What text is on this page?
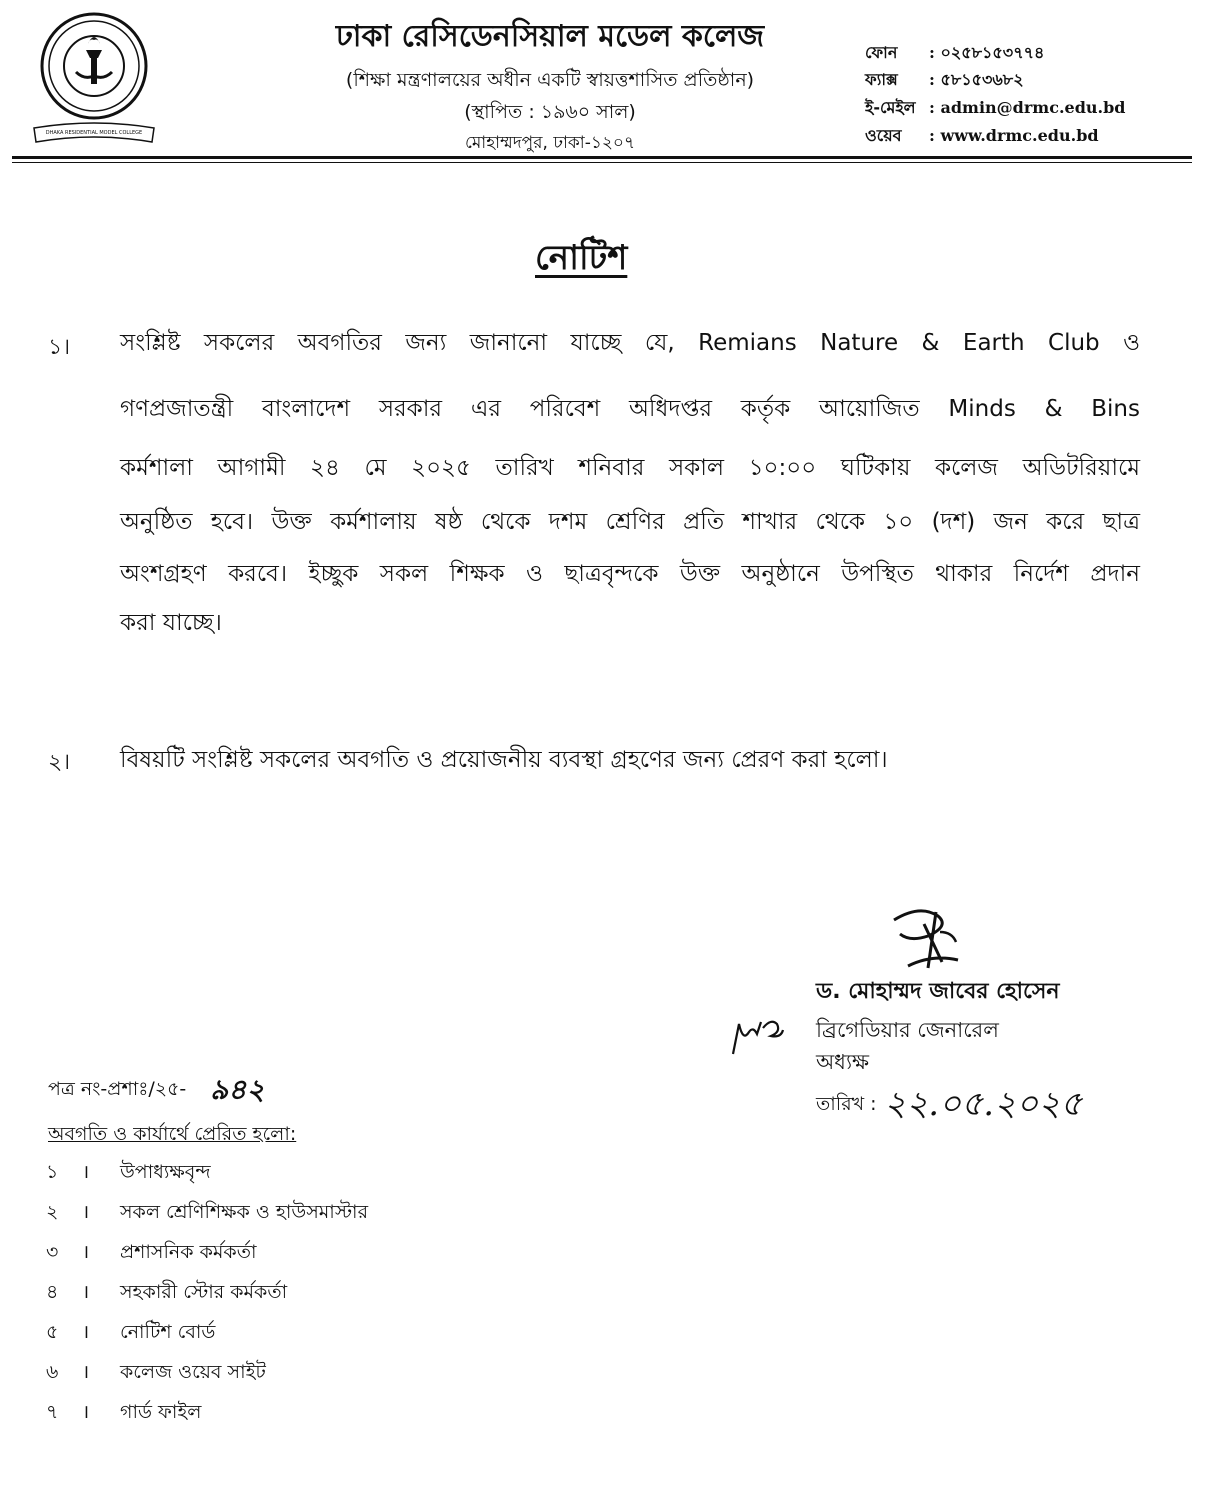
DHAKA RESIDENTIAL MODEL COLLEGE
ঢাকা রেসিডেনসিয়াল মডেল কলেজ
(শিক্ষা মন্ত্রণালয়ের অধীন একটি স্বায়ত্তশাসিত প্রতিষ্ঠান)
(স্থাপিত : ১৯৬০ সাল)
মোহাম্মদপুর, ঢাকা-১২০৭
ফোন : ০২৫৮১৫৩৭৭৪
ফ্যাক্স : ৫৮১৫৩৬৮২
ই-মেইল : admin@drmc.edu.bd
ওয়েব : www.drmc.edu.bd
নোটিশ
১। সংশ্লিষ্ট সকলের অবগতির জন্য জানানো যাচ্ছে যে, Remians Nature & Earth Club ও
গণপ্রজাতন্ত্রী বাংলাদেশ সরকার এর পরিবেশ অধিদপ্তর কর্তৃক আয়োজিত Minds & Bins
কর্মশালা আগামী ২৪ মে ২০২৫ তারিখ শনিবার সকাল ১০:০০ ঘটিকায় কলেজ অডিটরিয়ামে
অনুষ্ঠিত হবে। উক্ত কর্মশালায় ষষ্ঠ থেকে দশম শ্রেণির প্রতি শাখার থেকে ১০ (দশ) জন করে ছাত্র
অংশগ্রহণ করবে। ইচ্ছুক সকল শিক্ষক ও ছাত্রবৃন্দকে উক্ত অনুষ্ঠানে উপস্থিত থাকার নির্দেশ প্রদান
করা যাচ্ছে।
২। বিষয়টি সংশ্লিষ্ট সকলের অবগতি ও প্রয়োজনীয় ব্যবস্থা গ্রহণের জন্য প্রেরণ করা হলো।
ড. মোহাম্মদ জাবের হোসেন
ব্রিগেডিয়ার জেনারেল
অধ্যক্ষ
তারিখ : ২২.০৫.২০২৫
পত্র নং-প্রশাঃ/২৫- ৯৪২
অবগতি ও কার্যার্থে প্রেরিত হলো:
১	। উপাধ্যক্ষবৃন্দ
২	। সকল শ্রেণিশিক্ষক ও হাউসমাস্টার
৩	। প্রশাসনিক কর্মকর্তা
৪	। সহকারী স্টোর কর্মকর্তা
৫	। নোটিশ বোর্ড
৬	। কলেজ ওয়েব সাইট
৭	। গার্ড ফাইল
